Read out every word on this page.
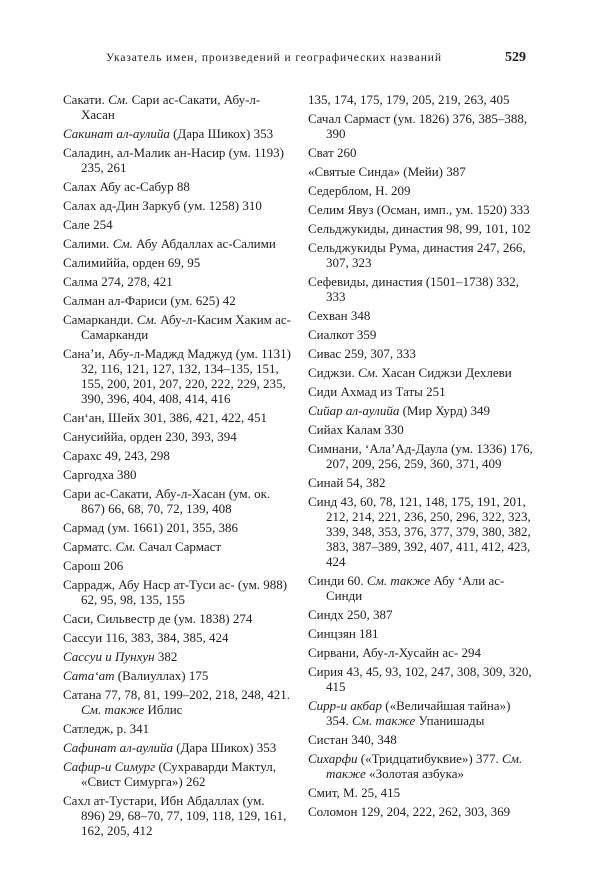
Указатель имен, произведений и географических названий	529
Сакати. См. Сари ас-Сакати, Абу-л-Хасан
Сакинат ал-аулийа (Дара Шикох) 353
Саладин, ал-Малик ан-Насир (ум. 1193) 235, 261
Салах Абу ас-Сабур 88
Салах ад-Дин Заркуб (ум. 1258) 310
Сале 254
Салими. См. Абу Абдаллах ас-Салими
Салимиййа, орден 69, 95
Салма 274, 278, 421
Салман ал-Фариси (ум. 625) 42
Самарканди. См. Абу-л-Касим Хаким ас-Самарканди
Сана’и, Абу-л-Маджд Маджуд (ум. 1131) 32, 116, 121, 127, 132, 134–135, 151, 155, 200, 201, 207, 220, 222, 229, 235, 390, 396, 404, 408, 414, 416
Сан‘ан, Шейх 301, 386, 421, 422, 451
Санусиййа, орден 230, 393, 394
Сарахс 49, 243, 298
Саргодха 380
Сари ас-Сакати, Абу-л-Хасан (ум. ок. 867) 66, 68, 70, 72, 139, 408
Сармад (ум. 1661) 201, 355, 386
Сарматс. См. Сачал Сармаст
Сарош 206
Саррадж, Абу Наср ат-Туси ас- (ум. 988) 62, 95, 98, 135, 155
Саси, Сильвестр де (ум. 1838) 274
Сассуи 116, 383, 384, 385, 424
Сассуи и Пунхун 382
Сата‘ат (Валиуллах) 175
Сатана 77, 78, 81, 199–202, 218, 248, 421. См. также Иблис
Сатледж, р. 341
Сафинат ал-аулийа (Дара Шикох) 353
Сафир-и Симург (Сухраварди Мактул, «Свист Симурга») 262
Сахл ат-Тустари, Ибн Абдаллах (ум. 896) 29, 68–70, 77, 109, 118, 129, 161, 162, 205, 412
135, 174, 175, 179, 205, 219, 263, 405
Сачал Сармаст (ум. 1826) 376, 385–388, 390
Сват 260
«Святые Синда» (Мейи) 387
Седерблом, Н. 209
Селим Явуз (Осман, имп., ум. 1520) 333
Сельджукиды, династия 98, 99, 101, 102
Сельджукиды Рума, династия 247, 266, 307, 323
Сефевиды, династия (1501–1738) 332, 333
Сехван 348
Сиалкот 359
Сивас 259, 307, 333
Сиджзи. См. Хасан Сиджзи Дехлеви
Сиди Ахмад из Таты 251
Сийар ал-аулийа (Мир Хурд) 349
Сийах Калам 330
Симнани, ‘Ала’Ад-Даула (ум. 1336) 176, 207, 209, 256, 259, 360, 371, 409
Синай 54, 382
Синд 43, 60, 78, 121, 148, 175, 191, 201, 212, 214, 221, 236, 250, 296, 322, 323, 339, 348, 353, 376, 377, 379, 380, 382, 383, 387–389, 392, 407, 411, 412, 423, 424
Синди 60. См. также Абу ‘Али ас-Синди
Синдх 250, 387
Синцзян 181
Сирвани, Абу-л-Хусайн ас- 294
Сирия 43, 45, 93, 102, 247, 308, 309, 320, 415
Сирр-и акбар («Величайшая тайна») 354. См. также Упанишады
Систан 340, 348
Сихарфи («Тридцатибуквие») 377. См. также «Золотая азбука»
Смит, М. 25, 415
Соломон 129, 204, 222, 262, 303, 369
